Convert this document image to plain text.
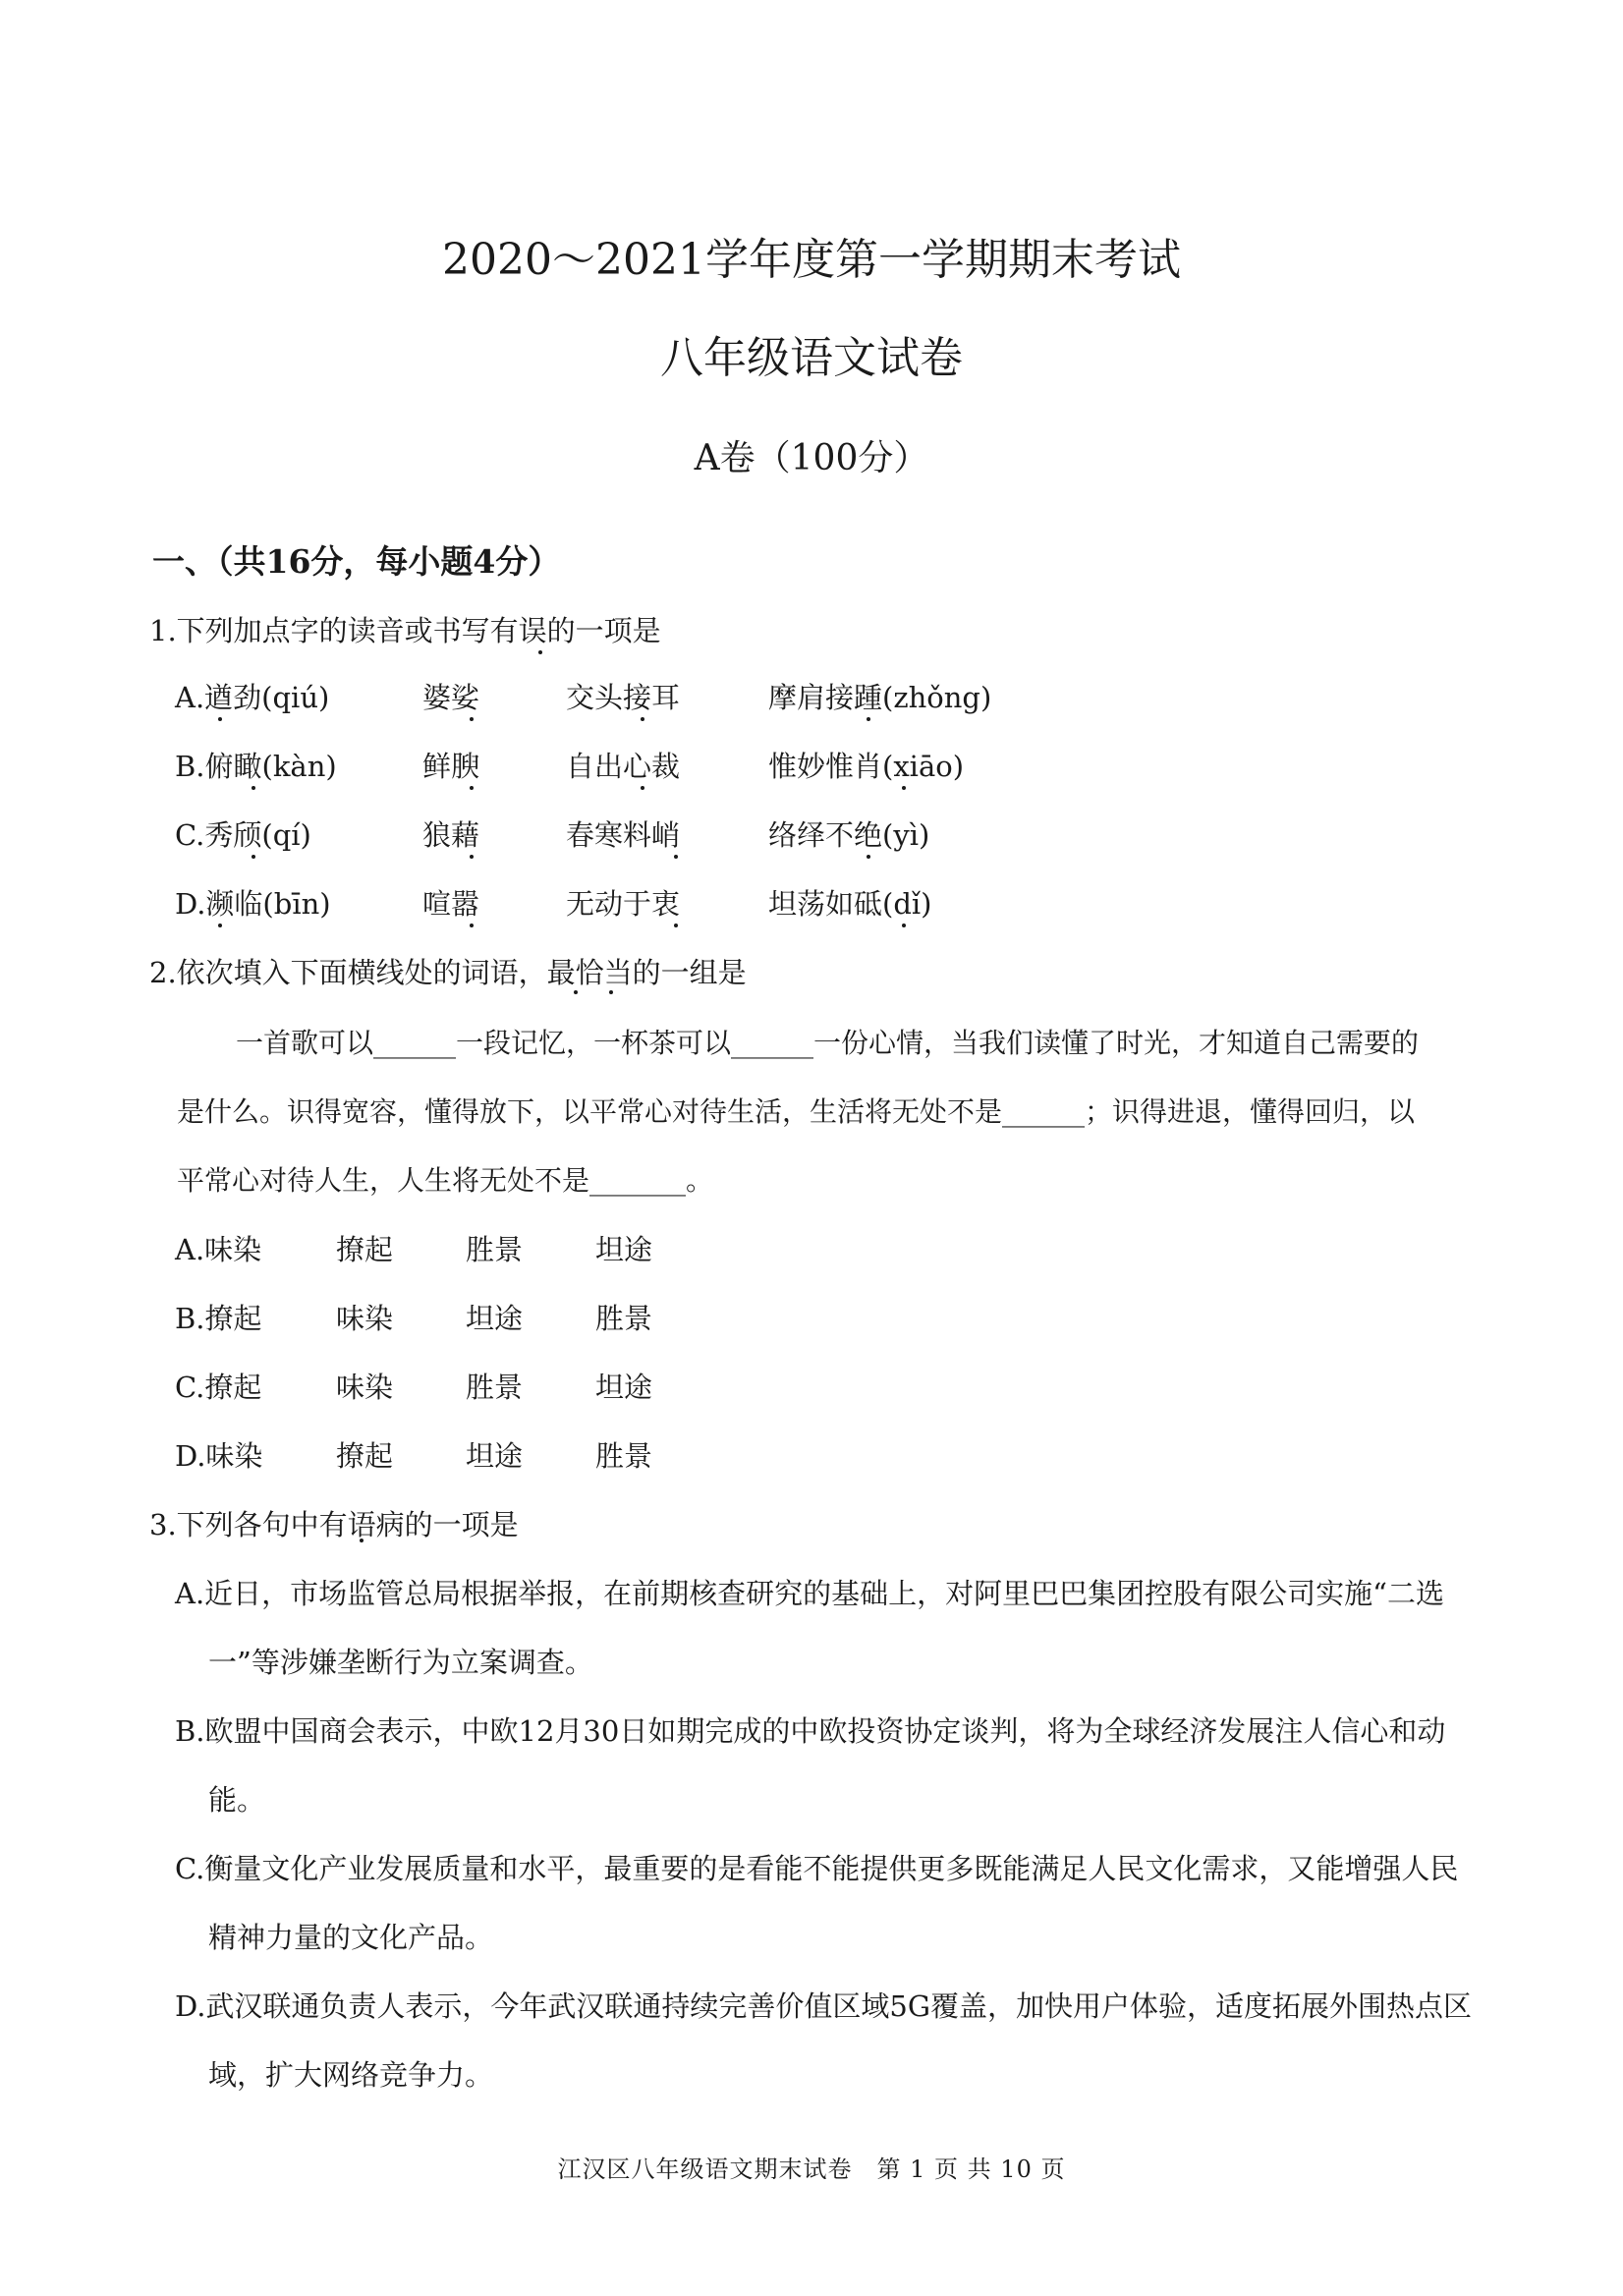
2020～2021学年度第一学期期末考试
八年级语文试卷
A卷（100分）
一、（共16分，每小题4分）
1.下列加点字的读音或书写有误的一项是
A.遒劲(qiú)	婆娑	交头接耳	摩肩接踵(zhǒng)
B.俯瞰(kàn)	鲜腴	自出心裁	惟妙惟肖(xiāo)
C.秀颀(qí)	狼藉	春寒料峭	络绎不绝(yì)
D.濒临(bīn)	喧嚣	无动于衷	坦荡如砥(dǐ)
2.依次填入下面横线处的词语，最恰当的一组是
一首歌可以______一段记忆，一杯茶可以______一份心情，当我们读懂了时光，才知道自己需要的
是什么。识得宽容，懂得放下，以平常心对待生活，生活将无处不是______；识得进退，懂得回归，以
平常心对待人生，人生将无处不是_______。
A.味染	撩起	胜景	坦途
B.撩起	味染	坦途	胜景
C.撩起	味染	胜景	坦途
D.味染	撩起	坦途	胜景
3.下列各句中有语病的一项是
A.近日，市场监管总局根据举报，在前期核查研究的基础上，对阿里巴巴集团控股有限公司实施“二选
一”等涉嫌垄断行为立案调查。
B.欧盟中国商会表示，中欧12月30日如期完成的中欧投资协定谈判，将为全球经济发展注人信心和动
能。
C.衡量文化产业发展质量和水平，最重要的是看能不能提供更多既能满足人民文化需求，又能增强人民
精神力量的文化产品。
D.武汉联通负责人表示，今年武汉联通持续完善价值区域5G覆盖，加快用户体验，适度拓展外围热点区
域，扩大网络竞争力。
江汉区八年级语文期末试卷　第 1 页 共 10 页
